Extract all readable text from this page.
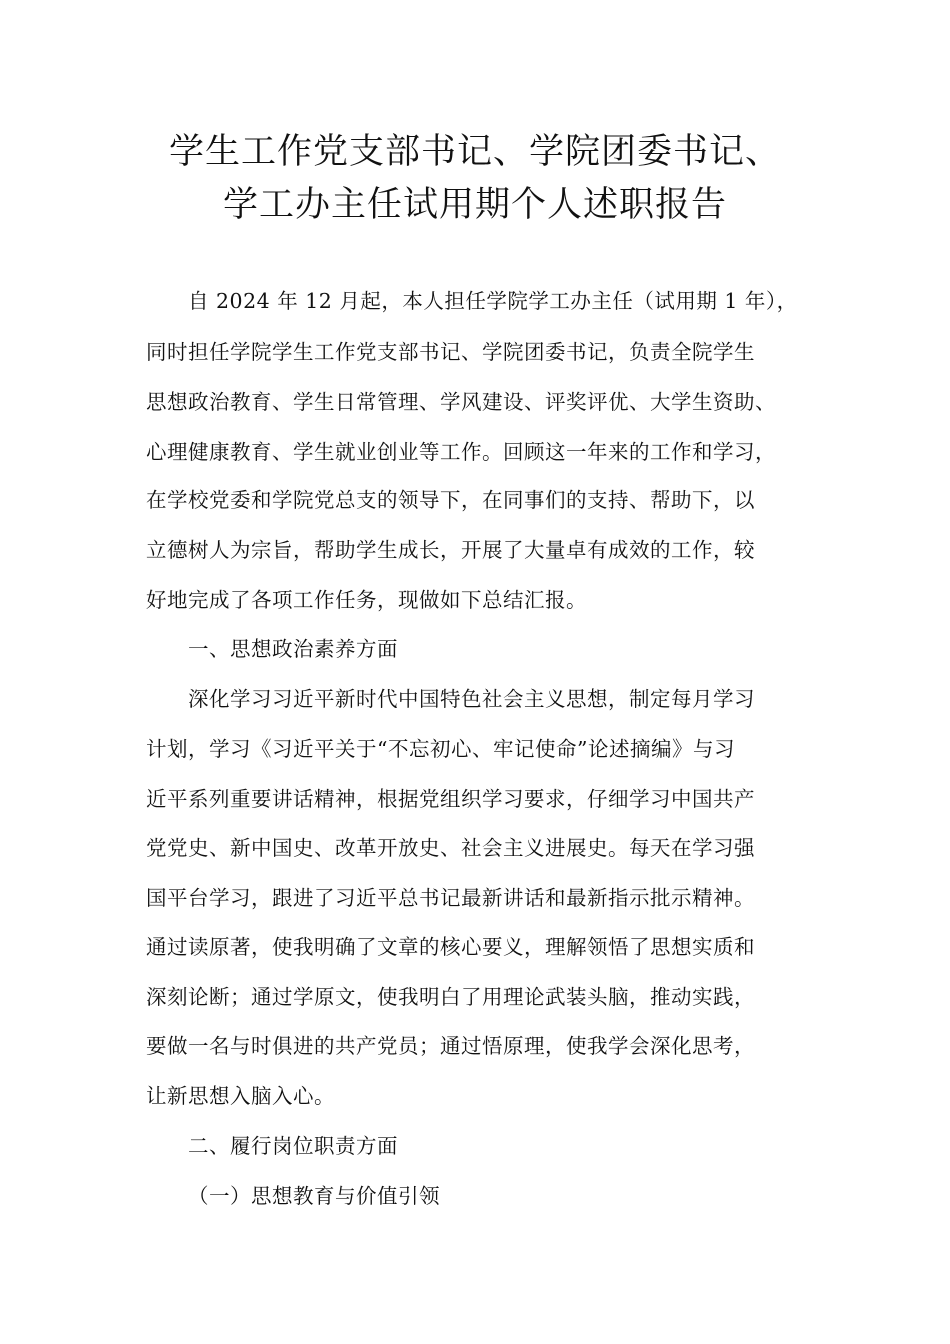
学生工作党支部书记、学院团委书记、
学工办主任试用期个人述职报告
自 2024 年 12 月起，本人担任学院学工办主任（试用期 1 年），
同时担任学院学生工作党支部书记、学院团委书记，负责全院学生
思想政治教育、学生日常管理、学风建设、评奖评优、大学生资助、
心理健康教育、学生就业创业等工作。回顾这一年来的工作和学习，
在学校党委和学院党总支的领导下，在同事们的支持、帮助下，以
立德树人为宗旨，帮助学生成长，开展了大量卓有成效的工作，较
好地完成了各项工作任务，现做如下总结汇报。
一、思想政治素养方面
深化学习习近平新时代中国特色社会主义思想，制定每月学习
计划，学习《习近平关于“不忘初心、牢记使命”论述摘编》与习
近平系列重要讲话精神，根据党组织学习要求，仔细学习中国共产
党党史、新中国史、改革开放史、社会主义进展史。每天在学习强
国平台学习，跟进了习近平总书记最新讲话和最新指示批示精神。
通过读原著，使我明确了文章的核心要义，理解领悟了思想实质和
深刻论断；通过学原文，使我明白了用理论武装头脑，推动实践，
要做一名与时俱进的共产党员；通过悟原理，使我学会深化思考，
让新思想入脑入心。
二、履行岗位职责方面
（一）思想教育与价值引领
